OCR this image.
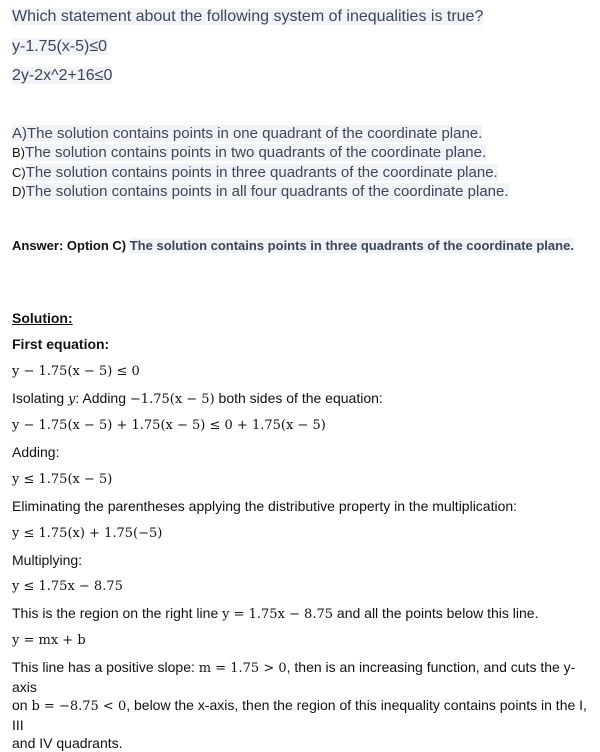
Which statement about the following system of inequalities is true?
y-1.75(x-5)≤0
2y-2x^2+16≤0
A)The solution contains points in one quadrant of the coordinate plane.
B)The solution contains points in two quadrants of the coordinate plane.
C)The solution contains points in three quadrants of the coordinate plane.
D)The solution contains points in all four quadrants of the coordinate plane.
Answer: Option C) The solution contains points in three quadrants of the coordinate plane.
Solution:
First equation:
y − 1.75(x − 5) ≤ 0
Isolating y: Adding −1.75(x − 5) both sides of the equation:
y − 1.75(x − 5) + 1.75(x − 5) ≤ 0 + 1.75(x − 5)
Adding:
y ≤ 1.75(x − 5)
Eliminating the parentheses applying the distributive property in the multiplication:
y ≤ 1.75(x) + 1.75(−5)
Multiplying:
y ≤ 1.75x − 8.75
This is the region on the right line y = 1.75x − 8.75 and all the points below this line.
y = mx + b
This line has a positive slope: m = 1.75 > 0, then is an increasing function, and cuts the y-axis
on b = −8.75 < 0, below the x-axis, then the region of this inequality contains points in the I, III
and IV quadrants.
